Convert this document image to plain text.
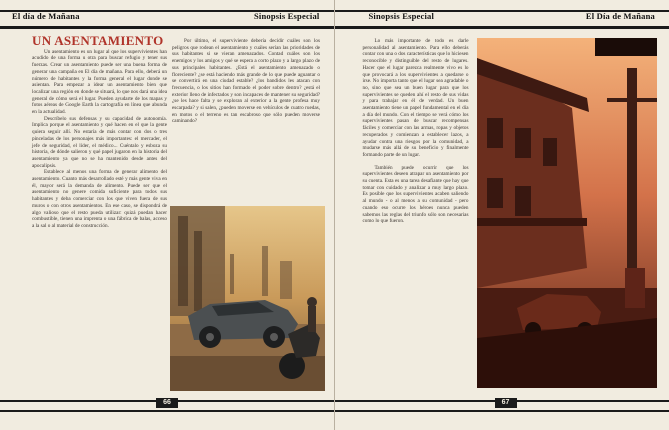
El día de Mañana	Sinopsis Especial
UN ASENTAMIENTO

Un asentamiento es un lugar al que los supervivientes han acudido de una forma u otra para buscar refugio y tener sus fuerzas. Crear un asentamiento puede ser una buena forma de generar una campaña en El día de mañana. Para ello, deberá un número de habitantes y la forma general el lugar donde se asientan. Para empezar a idear un asentamiento bien que localizar una región en donde se situará, lo que nos dará una idea general de cómo será el lugar. Pueden ayudarte de los mapas y fotos aéreas de Google Earth la cartografía en línea que abunda en la actualidad.

Descríbelo sus defensas y su capacidad de autonomía. Implica porque el asentamiento y qué hacen en el que la gente quiera seguir allí. No estaría de más contar con dos o tres pinceladas de los personajes más importantes: el mercader, el jefe de seguridad, el líder, el médico... Cuéntalo y esboza su historia, de dónde salieron y qué papel jugaron en la historia del asentamiento ya que no se ha mantenido desde antes del apocalipsis.

Establece al menos una forma de generar alimento del asentamiento. Cuanto más desarrollado esté y más gente viva en él, mayor será la demanda de alimento. Puede ser que el asentamiento no genere comida suficiente para todos sus habitantes y deba comerciar con los que viven fuera de sus muros o con otros asentamientos. En ese caso, se dispondrá de algo valioso que el resto pueda utilizar: quizá puedan hacer combustible, tienen una imprenta o una fábrica de balas, acceso a la sal o al material de construcción.

Por último, el superviviente debería decidir cuáles son los peligros que rodean el asentamiento y cuáles serían las prioridades de sus habitantes si se vieran amenazados. Contad cuáles son los enemigos y los amigos y qué se espera a corto plazo y a largo plazo de sus principales habitantes. ¿Está el asentamiento amenazado o floreciente? ¿se está haciendo más grande de lo que puede aguantar o se convertirá en una ciudad estable? ¿los bandidos les atacan con frecuencia, o los sitios han formado el poder sobre dentro? ¿está el exterior lleno de infectados y son incapaces de mantener su seguridad? ¿se les hace falta y se exploran al exterior a la gente profesa muy escarpada? y si salen, ¿pueden moverse en vehículos de cuatro ruedas, en motos o el terreno es tan escabroso que sólo pueden moverse caminando?

66
Sinopsis Especial	El Día de Mañana

Lo más importante de todo es darle personalidad al asentamiento. Para ello deberás contar con una o dos características que lo hiciesen reconocible y distinguible del resto de lugares. Hacer que el lugar parezca realmente vivo es lo que provocará a los supervivientes a quedarse o irse. No importa tanto que el lugar sea agradable o no, sino que sea un buen lugar para que los supervivientes se queden ahí el resto de sus vidas y para trabajar en él de verdad. Un buen asentamiento tiene un papel fundamental en el día a día del mundo. Con el tiempo se verá cómo los supervivientes pasan de buscar recompensas fáciles y comerciar con las armas, ropas y objetos recuperados y comienzan a establecer lazos, a ayudar contra una riesgos por la comunidad, a mudarse más allá de su beneficio y finalmente formando parte de un lugar.

También puede ocurrir que los supervivientes deseen atrapar un asentamiento por su cuenta. Esta es una tarea desafiante que hay que tomar con cuidado y analizar a muy largo plazo. Es posible que los supervivientes acaben saliendo al mundo - o al menos a su comunidad - pero cuando eso ocurre los héroes nunca pueden sabemos las reglas del triunfo sólo son necesarias como lo que fueron.

67
